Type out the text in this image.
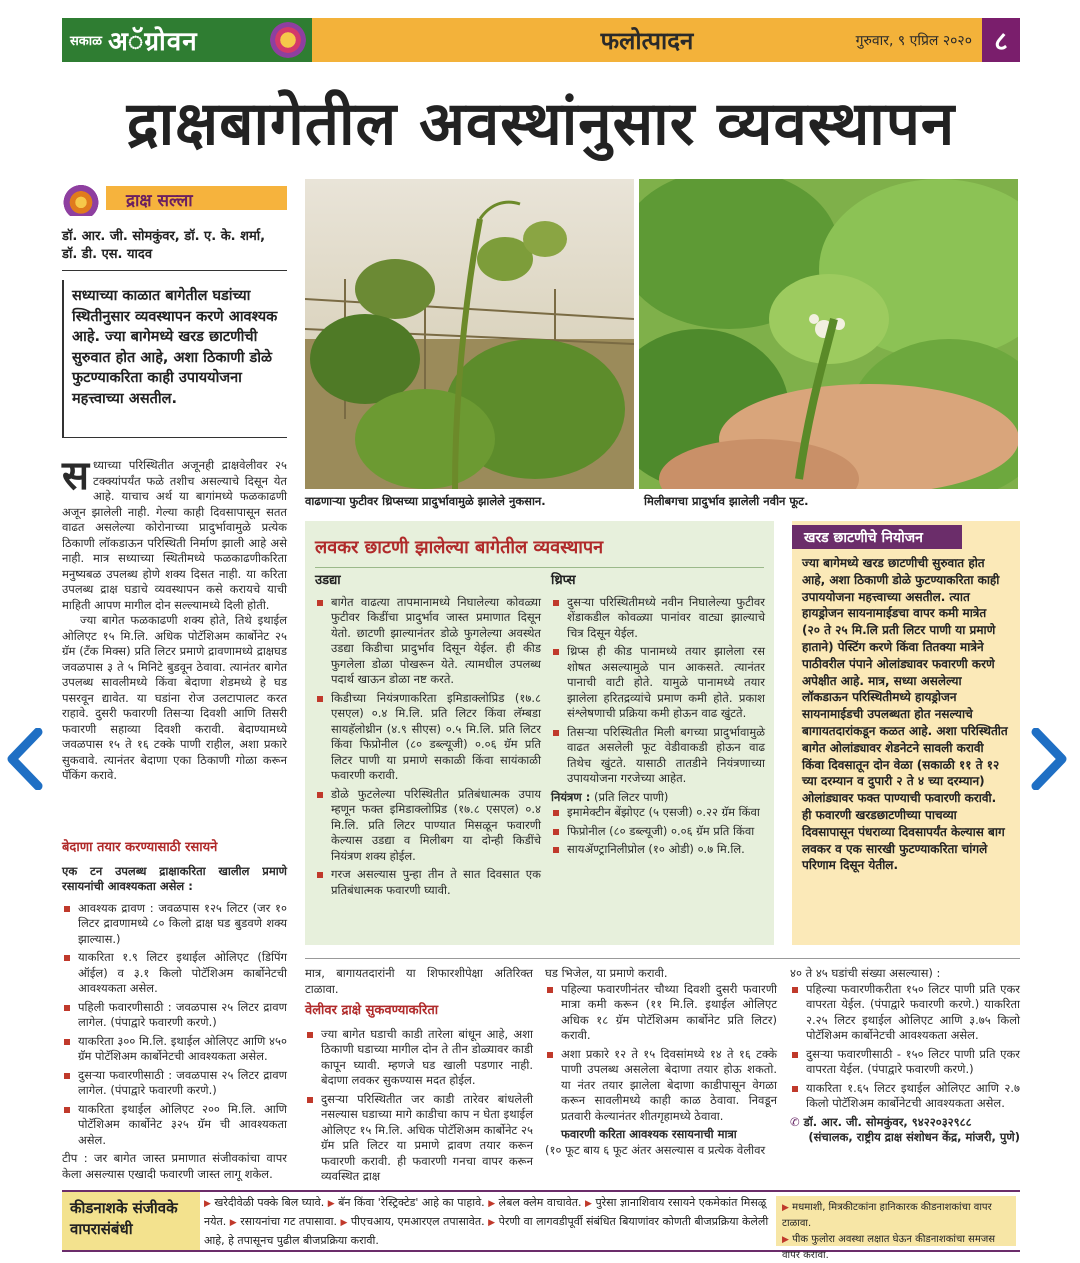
सकाळ अॅग्रोवन	फलोत्पादन	गुरुवार, ९ एप्रिल २०२० ८
द्राक्षबागेतील अवस्थांनुसार व्यवस्थापन
द्राक्ष सल्ला
डॉ. आर. जी. सोमकुंवर, डॉ. ए. के. शर्मा,
डॉ. डी. एस. यादव
सध्याच्या काळात बागेतील घडांच्या स्थितीनुसार व्यवस्थापन करणे आवश्यक आहे. ज्या बागेमध्ये खरड छाटणीची सुरुवात होत आहे, अशा ठिकाणी डोळे फुटण्याकरिता काही उपाययोजना महत्त्वाच्या असतील.
सध्याच्या परिस्थितीत अजूनही द्राक्षवेलीवर २५ टक्क्यांपर्यंत फळे तशीच असल्याचे दिसून येत आहे. याचाच अर्थ या बागांमध्ये फळकाढणी अजून झालेली नाही. गेल्या काही दिवसापासून सतत वाढत असलेल्या कोरोनाच्या प्रादुर्भावामुळे प्रत्येक ठिकाणी लॉकडाऊन परिस्थिती निर्माण झाली आहे असे नाही. मात्र सध्याच्या स्थितीमध्ये फळकाढणीकरिता मनुष्यबळ उपलब्ध होणे शक्य दिसत नाही. या करिता उपलब्ध द्राक्ष घडाचे व्यवस्थापन कसे करायचे याची माहिती आपण मागील दोन सल्ल्यामध्ये दिली होती.
ज्या बागेत फळकाढणी शक्य होते, तिथे इथाईल ओलिएट १५ मि.लि. अधिक पोटॅशिअम कार्बोनेट २५ ग्रॅम (टँक मिक्स) प्रति लिटर प्रमाणे द्रावणामध्ये द्राक्षघड जवळपास ३ ते ५ मिनिटे बुडवून ठेवावा. त्यानंतर बागेत उपलब्ध सावलीमध्ये किंवा बेदाणा शेडमध्ये हे घड पसरवून द्यावेत. या घडांना रोज उलटापालट करत राहावे. दुसरी फवारणी तिसऱ्या दिवशी आणि तिसरी फवारणी सहाव्या दिवशी करावी. बेदाण्यामध्ये जवळपास १५ ते १६ टक्के पाणी राहील, अशा प्रकारे सुकवावे. त्यानंतर बेदाणा एका ठिकाणी गोळा करून पॅकिंग करावे.
बेदाणा तयार करण्यासाठी रसायने
एक टन उपलब्ध द्राक्षाकरिता खालील प्रमाणे रसायनांची आवश्यकता असेल :
आवश्यक द्रावण : जवळपास १२५ लिटर (जर १० लिटर द्रावणामध्ये ८० किलो द्राक्ष घड बुडवणे शक्य झाल्यास.)
याकरिता १.९ लिटर इथाईल ओलिएट (डिपिंग ऑईल) व ३.१ किलो पोटॅशिअम कार्बोनेटची आवश्यकता असेल.
पहिली फवारणीसाठी : जवळपास २५ लिटर द्रावण लागेल. (पंपाद्वारे फवारणी करणे.)
याकरिता ३०० मि.लि. इथाईल ओलिएट आणि ४५० ग्रॅम पोटॅशिअम कार्बोनेटची आवश्यकता असेल.
दुसऱ्या फवारणीसाठी : जवळपास २५ लिटर द्रावण लागेल. (पंपाद्वारे फवारणी करणे.)
याकरिता इथाईल ओलिएट २०० मि.लि. आणि पोटॅशिअम कार्बोनेट ३२५ ग्रॅम ची आवश्यकता असेल.
टीप : जर बागेत जास्त प्रमाणात संजीवकांचा वापर केला असल्यास एखादी फवारणी जास्त लागू शकेल.
वाढणाऱ्या फुटीवर थ्रिप्सच्या प्रादुर्भावामुळे झालेले नुकसान.	मिलीबगचा प्रादुर्भाव झालेली नवीन फूट.
लवकर छाटणी झालेल्या बागेतील व्यवस्थापन
उडद्या
बागेत वाढत्या तापमानामध्ये निघालेल्या कोवळ्या फुटीवर किडींचा प्रादुर्भाव जास्त प्रमाणात दिसून येतो. छाटणी झाल्यानंतर डोळे फुगलेल्या अवस्थेत उडद्या किडीचा प्रादुर्भाव दिसून येईल. ही कीड फुगलेला डोळा पोखरून येते. त्यामधील उपलब्ध पदार्थ खाऊन डोळा नष्ट करते.
किडीच्या नियंत्रणाकरिता इमिडाक्लोप्रिड (१७.८ एसएल) ०.४ मि.लि. प्रति लिटर किंवा लॅम्बडा सायहॅलोथ्रीन (४.९ सीएस) ०.५ मि.लि. प्रति लिटर किंवा फिप्रोनील (८० डब्ल्यूजी) ०.०६ ग्रॅम प्रति लिटर पाणी या प्रमाणे सकाळी किंवा सायंकाळी फवारणी करावी.
डोळे फुटलेल्या परिस्थितीत प्रतिबंधात्मक उपाय म्हणून फक्त इमिडाक्लोप्रिड (१७.८ एसएल) ०.४ मि.लि. प्रति लिटर पाण्यात मिसळून फवारणी केल्यास उडद्या व मिलीबग या दोन्ही किडींचे नियंत्रण शक्य होईल.
गरज असल्यास पुन्हा तीन ते सात दिवसात एक प्रतिबंधात्मक फवारणी घ्यावी.
थ्रिप्स
दुसऱ्या परिस्थितीमध्ये नवीन निघालेल्या फुटीवर शेंडाकडील कोवळ्या पानांवर वाट्या झाल्याचे चित्र दिसून येईल.
थ्रिप्स ही कीड पानामध्ये तयार झालेला रस शोषत असल्यामुळे पान आकसते. त्यानंतर पानाची वाटी होते. यामुळे पानामध्ये तयार झालेला हरितद्रव्यांचे प्रमाण कमी होते. प्रकाश संश्लेषणाची प्रक्रिया कमी होऊन वाढ खुंटते.
तिसऱ्या परिस्थितीत मिली बगच्या प्रादुर्भावामुळे वाढत असलेली फूट वेडीवाकडी होऊन वाढ तिथेच खुंटते. यासाठी तातडीने नियंत्रणाच्या उपाययोजना गरजेच्या आहेत.
नियंत्रण : (प्रति लिटर पाणी)
इमामेक्टीन बेंझोएट (५ एसजी) ०.२२ ग्रॅम किंवा
फिप्रोनील (८० डब्ल्यूजी) ०.०६ ग्रॅम प्रति किंवा
सायॲण्ट्रानिलीप्रोल (१० ओडी) ०.७ मि.लि.
खरड छाटणीचे नियोजन
ज्या बागेमध्ये खरड छाटणीची सुरुवात होत आहे, अशा ठिकाणी डोळे फुटण्याकरिता काही उपाययोजना महत्त्वाच्या असतील. त्यात हायड्रोजन सायनामाईडचा वापर कमी मात्रेत (२० ते २५ मि.लि प्रती लिटर पाणी या प्रमाणे हाताने) पेस्टिंग करणे किंवा तितक्या मात्रेने पाठीवरील पंपाने ओलांड्यावर फवारणी करणे अपेक्षीत आहे. मात्र, सध्या असलेल्या लॉकडाऊन परिस्थितीमध्ये हायड्रोजन सायनामाईडची उपलब्धता होत नसल्याचे बागायतदारांकडून कळत आहे. अशा परिस्थितीत बागेत ओलांड्यावर शेडनेटने सावली करावी किंवा दिवसातून दोन वेळा (सकाळी ११ ते १२ च्या दरम्यान व दुपारी २ ते ४ च्या दरम्यान) ओलांड्यावर फक्त पाण्याची फवारणी करावी. ही फवारणी खरडछाटणीच्या पाचव्या दिवसापासून पंधराव्या दिवसापर्यंत केल्यास बाग लवकर व एक सारखी फुटण्याकरिता चांगले परिणाम दिसून येतील.
मात्र, बागायतदारांनी या शिफारशीपेक्षा अतिरिक्त टाळावा.
वेलीवर द्राक्षे सुकवण्याकरिता
ज्या बागेत घडाची काडी तारेला बांधून आहे, अशा ठिकाणी घडाच्या मागील दोन ते तीन डोळ्यावर काडी कापून घ्यावी. म्हणजे घड खाली पडणार नाही. बेदाणा लवकर सुकण्यास मदत होईल.
दुसऱ्या परिस्थितीत जर काडी तारेवर बांधलेली नसल्यास घडाच्या मागे काडीचा काप न घेता इथाईल ओलिएट १५ मि.लि. अधिक पोटॅशिअम कार्बोनेट २५ ग्रॅम प्रति लिटर या प्रमाणे द्रावण तयार करून फवारणी करावी. ही फवारणी गनचा वापर करून व्यवस्थित द्राक्ष
घड भिजेल, या प्रमाणे करावी.
पहिल्या फवारणीनंतर चौथ्या दिवशी दुसरी फवारणी मात्रा कमी करून (११ मि.लि. इथाईल ओलिएट अधिक १८ ग्रॅम पोटॅशिअम कार्बोनेट प्रति लिटर) करावी.
अशा प्रकारे १२ ते १५ दिवसांमध्ये १४ ते १६ टक्के पाणी उपलब्ध असलेला बेदाणा तयार होऊ शकतो. या नंतर तयार झालेला बेदाणा काडीपासून वेगळा करून सावलीमध्ये काही काळ ठेवावा. निवडून प्रतवारी केल्यानंतर शीतगृहामध्ये ठेवावा.
फवारणी करिता आवश्यक रसायनाची मात्रा
(१० फूट बाय ६ फूट अंतर असल्यास व प्रत्येक वेलीवर
४० ते ४५ घडांची संख्या असल्यास) :
पहिल्या फवारणीकरीता १५० लिटर पाणी प्रति एकर वापरता येईल. (पंपाद्वारे फवारणी करणे.) याकरिता २.२५ लिटर इथाईल ओलिएट आणि ३.७५ किलो पोटॅशिअम कार्बोनेटची आवश्यकता असेल.
दुसऱ्या फवारणीसाठी - १५० लिटर पाणी प्रति एकर वापरता येईल. (पंपाद्वारे फवारणी करणे.)
याकरिता १.६५ लिटर इथाईल ओलिएट आणि २.७ किलो पोटॅशिअम कार्बोनेटची आवश्यकता असेल.
✆ डॉ. आर. जी. सोमकुंवर, ९४२२०३२९८८
(संचालक, राष्ट्रीय द्राक्ष संशोधन केंद्र, मांजरी, पुणे)
कीडनाशके संजीवके वापरासंबंधी
▶ खरेदीवेळी पक्के बिल घ्यावे. ▶ बॅन किंवा 'रेस्ट्रिक्टेड' आहे का पाहावे. ▶ लेबल क्लेम वाचावेत. ▶ पुरेसा ज्ञानाशिवाय रसायने एकमेकांत मिसळू नयेत. ▶ रसायनांचा गट तपासावा. ▶ पीएचआय, एमआरएल तपासावेत. ▶ पेरणी वा लागवडीपूर्वी संबंधित बियाणांवर कोणती बीजप्रक्रिया केलेली आहे, हे तपासूनच पुढील बीजप्रक्रिया करावी.
▶ मधमाशी, मित्रकीटकांना हानिकारक कीडनाशकांचा वापर टाळावा.
▶ पीक फुलोरा अवस्था लक्षात घेऊन कीडनाशकांचा समजस वापर करावा.
